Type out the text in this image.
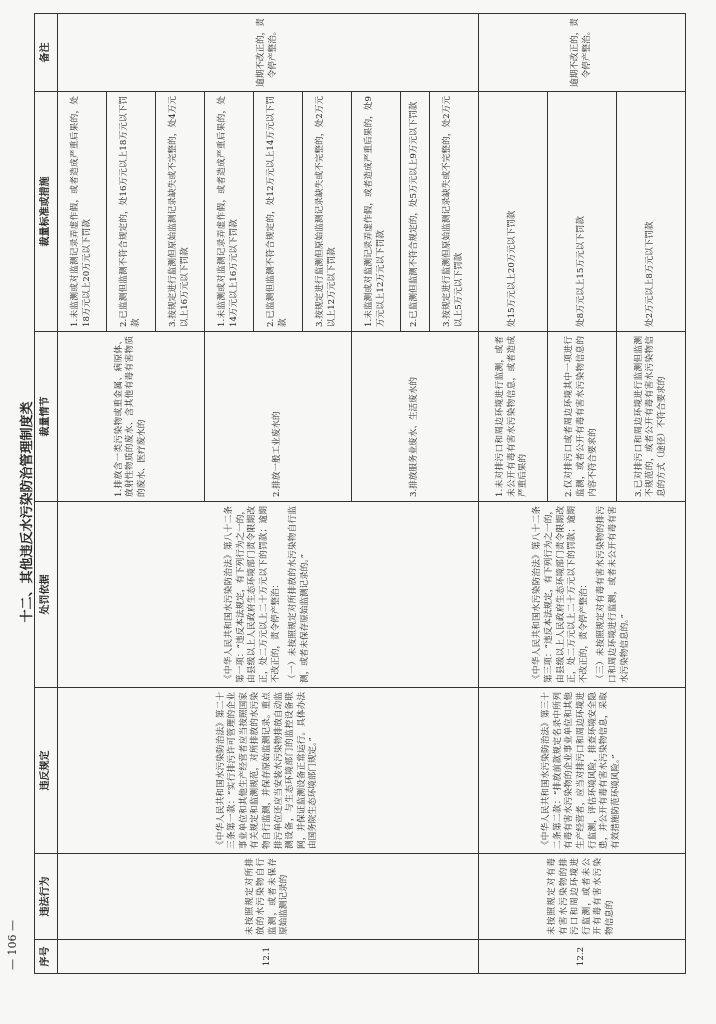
— 106 —
十二、其他违反水污染防治管理制度类
序号	违法行为	违反规定	处罚依据	裁量情节	裁量标准或措施	备注
12.1	未按照规定对所排放的水污染物自行监测，或者未保存原始监测记录的	《中华人民共和国水污染防治法》第二十三条第一款：“实行排污许可管理的企业事业单位和其他生产经营者应当按照国家有关规定和监测规范，对所排放的水污染物自行监测，并保存原始监测记录。重点排污单位还应当安装水污染物排放自动监测设备，与生态环境部门的监控设备联网，并保证监测设备正常运行。具体办法由国务院生态环境部门规定。”	《中华人民共和国水污染防治法》第八十二条第一项：“违反本法规定，有下列行为之一的，由县级以上人民政府生态环境部门责令限期改正，处二万元以上二十万元以下的罚款；逾期不改正的，责令停产整治： （一）未按照规定对所排放的水污染物自行监测，或者未保存原始监测记录的。”	1.排放含一类污染物或重金属、病原体、放射性物质的废水、含其他有毒有害物质的废水、医疗废水的	1.未监测或对监测记录弄虚作假，或者造成严重后果的，处18万元以上20万元以下罚款	逾期不改正的，责令停产整治。
					2.已监测但监测不符合规定的，处16万元以上18万元以下罚款	
					3.按规定进行监测但原始监测记录缺失或不完整的，处4万元以上16万元以下罚款	
				2.排放一般工业废水的	1.未监测或对监测记录弄虚作假，或者造成严重后果的，处14万元以上16万元以下罚款	
					2.已监测但监测不符合规定的，处12万元以上14万元以下罚款	
					3.按规定进行监测但原始监测记录缺失或不完整的，处2万元以上12万元以下罚款	
				3.排放服务业废水、生活废水的	1.未监测或对监测记录弄虚作假，或者造成严重后果的，处9万元以上12万元以下罚款	
					2.已监测但监测不符合规定的，处5万元以上9万元以下罚款	
					3.按规定进行监测但原始监测记录缺失或不完整的，处2万元以上5万元以下罚款	
12.2	未按照规定对有毒有害水污染物的排污口和周边环境进行监测，或者未公开有毒有害水污染物信息的	《中华人民共和国水污染防治法》第三十二条第二款：“排放前款规定名录中所列有毒有害水污染物的企业事业单位和其他生产经营者，应当对排污口和周边环境进行监测，评估环境风险，排查环境安全隐患，并公开有毒有害水污染物信息，采取有效措施防范环境风险。”	《中华人民共和国水污染防治法》第八十二条第三项：“违反本法规定，有下列行为之一的，由县级以上人民政府生态环境部门责令限期改正，处二万元以上二十万元以下的罚款；逾期不改正的，责令停产整治： （三）未按照规定对有毒有害水污染物的排污口和周边环境进行监测，或者未公开有毒有害水污染物信息的。”	1.未对排污口和周边环境进行监测，或者未公开有毒有害水污染物信息，或者造成严重后果的	处15万元以上20万元以下罚款	逾期不改正的，责令停产整治。
				2.仅对排污口或者周边环境其中一项进行监测，或者公开有毒有害水污染物信息的内容不符合要求的	处8万元以上15万元以下罚款	
				3.已对排污口和周边环境进行监测但监测不规范的，或者公开有毒有害水污染物信息的方式（途径）不符合要求的	处2万元以上8万元以下罚款	
